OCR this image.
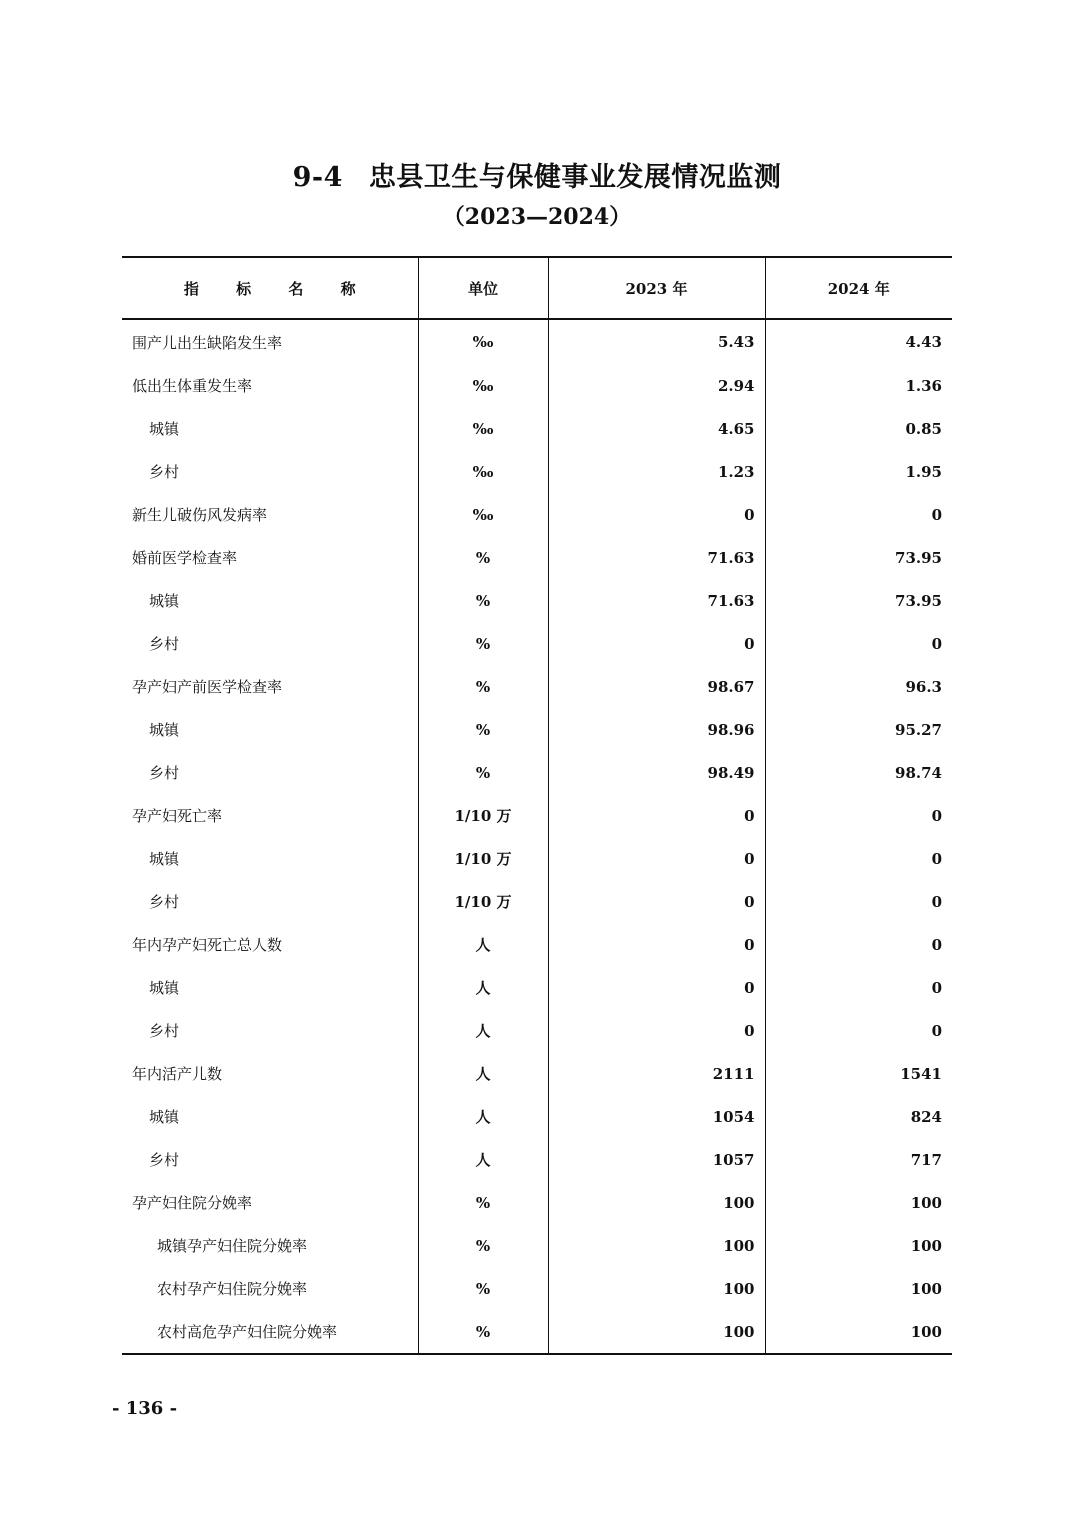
9-4 忠县卫生与保健事业发展情况监测
（2023—2024）
指 标 名 称	单位	2023 年	2024 年
围产儿出生缺陷发生率	‰	5.43	4.43
低出生体重发生率	‰	2.94	1.36
城镇	‰	4.65	0.85
乡村	‰	1.23	1.95
新生儿破伤风发病率	‰	0	0
婚前医学检查率	%	71.63	73.95
城镇	%	71.63	73.95
乡村	%	0	0
孕产妇产前医学检查率	%	98.67	96.3
城镇	%	98.96	95.27
乡村	%	98.49	98.74
孕产妇死亡率	1/10 万	0	0
城镇	1/10 万	0	0
乡村	1/10 万	0	0
年内孕产妇死亡总人数	人	0	0
城镇	人	0	0
乡村	人	0	0
年内活产儿数	人	2111	1541
城镇	人	1054	824
乡村	人	1057	717
孕产妇住院分娩率	%	100	100
城镇孕产妇住院分娩率	%	100	100
农村孕产妇住院分娩率	%	100	100
农村高危孕产妇住院分娩率	%	100	100
- 136 -
